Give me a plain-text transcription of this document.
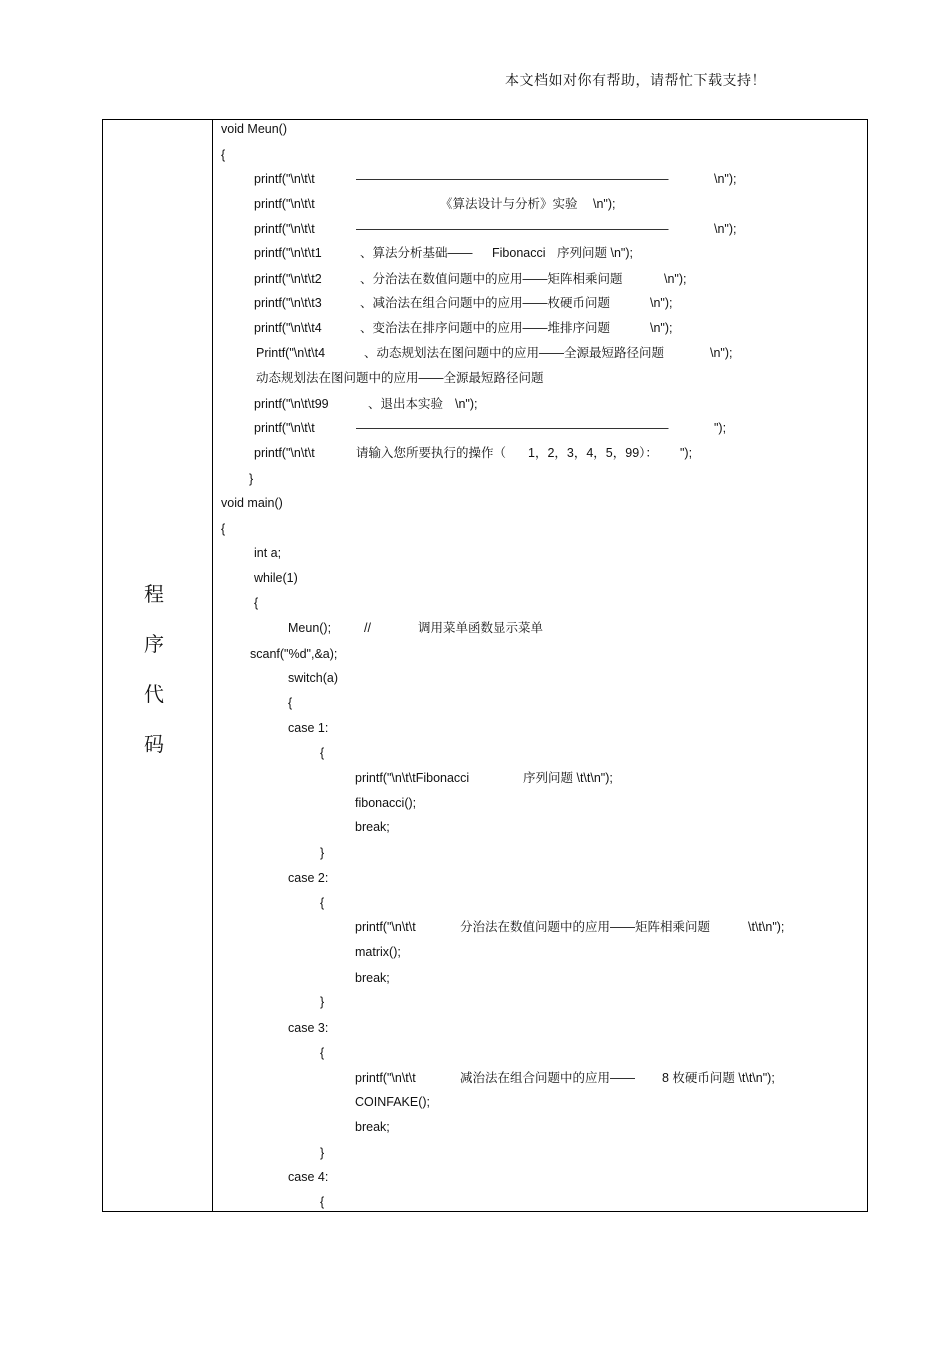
本文档如对你有帮助，请帮忙下载支持！
程
序
代
码
void Meun()
{
printf("\n\t\t	—————————————————————————	\n");
printf("\n\t\t	《算法设计与分析》实验 \n");
printf("\n\t\t	—————————————————————————	\n");
printf("\n\t\t1	、算法分析基础—— Fibonacci 序列问题 \n");
printf("\n\t\t2	、分治法在数值问题中的应用——矩阵相乘问题	\n");
printf("\n\t\t3	、减治法在组合问题中的应用——枚硬币问题	\n");
printf("\n\t\t4	、变治法在排序问题中的应用——堆排序问题	\n");
Printf("\n\t\t4	、动态规划法在图问题中的应用——全源最短路径问题	\n");
动态规划法在图问题中的应用——全源最短路径问题
printf("\n\t\t99	、退出本实验 \n");
printf("\n\t\t	—————————————————————————	");
printf("\n\t\t	请输入您所要执行的操作（ 1，2，3，4，5，99）： ");
}
void main()
{
int a;
while(1)
{
Meun();	//	调用菜单函数显示菜单
scanf("%d",&a);
switch(a)
{
case 1:
{
printf("\n\t\tFibonacci	序列问题 \t\t\n");
fibonacci();
break;
}
case 2:
{
printf("\n\t\t	分治法在数值问题中的应用——矩阵相乘问题	\t\t\n");
matrix();
break;
}
case 3:
{
printf("\n\t\t	减治法在组合问题中的应用—— 8 枚硬币问题 \t\t\n");
COINFAKE();
break;
}
case 4:
{
